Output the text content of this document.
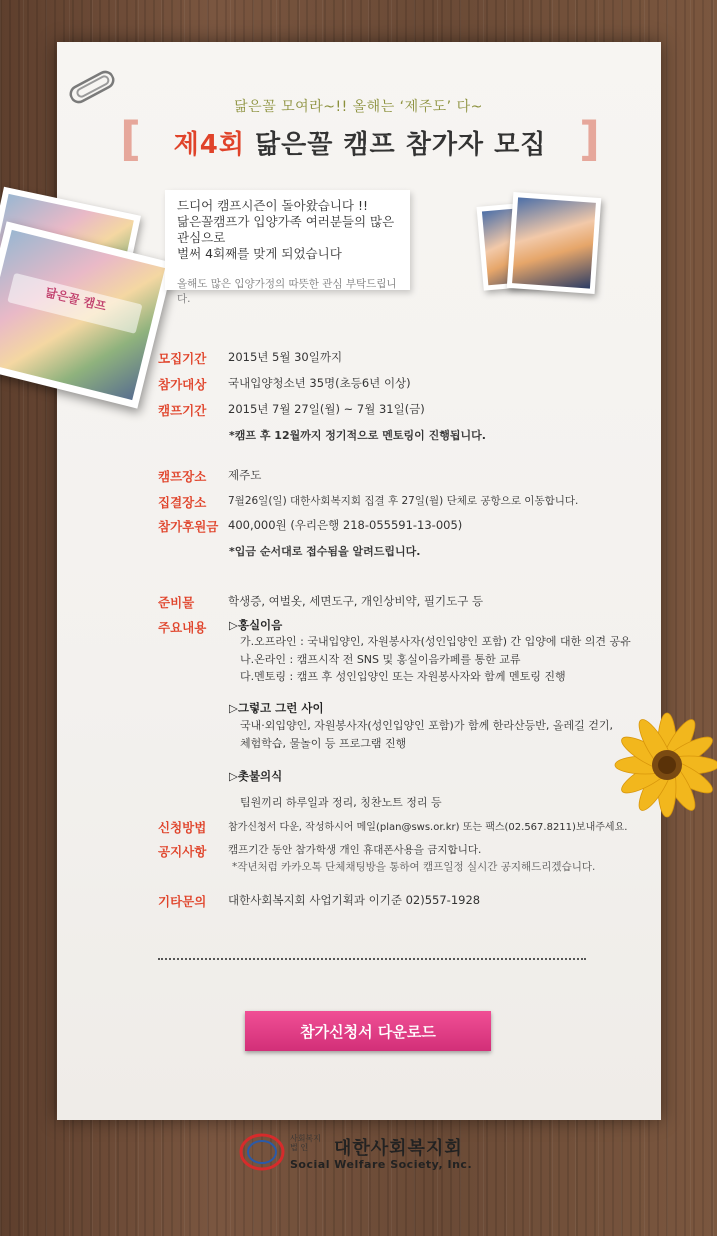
닮은꼴 모여라~!! 올해는 ‘제주도’ 다~
[	제4회 닮은꼴 캠프 참가자 모집 ]
닮은꼴 캠프
드디어 캠프시즌이 돌아왔습니다 !!
닮은꼴캠프가 입양가족 여러분들의 많은 관심으로
벌써 4회째를 맞게 되었습니다
올해도 많은 입양가정의 따뜻한 관심 부탁드립니다.
모집기간 2015년 5월 30일까지
참가대상 국내입양청소년 35명(초등6년 이상)
캠프기간 2015년 7월 27일(월) ~ 7월 31일(금)
*캠프 후 12월까지 정기적으로 멘토링이 진행됩니다.
캠프장소 제주도
집결장소 7월26일(일) 대한사회복지회 집결 후 27일(월) 단체로 공항으로 이동합니다.
참가후원금 400,000원 (우리은행 218-055591-13-005)
*입금 순서대로 접수됨을 알려드립니다.
준비물	학생증, 여벌옷, 세면도구, 개인상비약, 필기도구 등
주요내용 ▷홍실이음
가.오프라인 : 국내입양인, 자원봉사자(성인입양인 포함) 간 입양에 대한 의견 공유
나.온라인 : 캠프시작 전 SNS 및 홍실이음카페를 통한 교류
다.멘토링 : 캠프 후 성인입양인 또는 자원봉사자와 함께 멘토링 진행
▷그렇고 그런 사이
국내·외입양인, 자원봉사자(성인입양인 포함)가 함께 한라산등반, 올레길 걷기,
체험학습, 물놀이 등 프로그램 진행
▷촛불의식
팀원끼리 하루일과 정리, 칭찬노트 정리 등
신청방법 참가신청서 다운, 작성하시어 메일(plan@sws.or.kr) 또는 팩스(02.567.8211)보내주세요.
공지사항 캠프기간 동안 참가학생 개인 휴대폰사용을 금지합니다.
*작년처럼 카카오톡 단체채팅방을 통하여 캠프일정 실시간 공지해드리겠습니다.
기타문의 대한사회복지회 사업기획과 이기준 02)557-1928
참가신청서 다운로드
사회복지
법 인	대한사회복지회
Social Welfare Society, Inc.
